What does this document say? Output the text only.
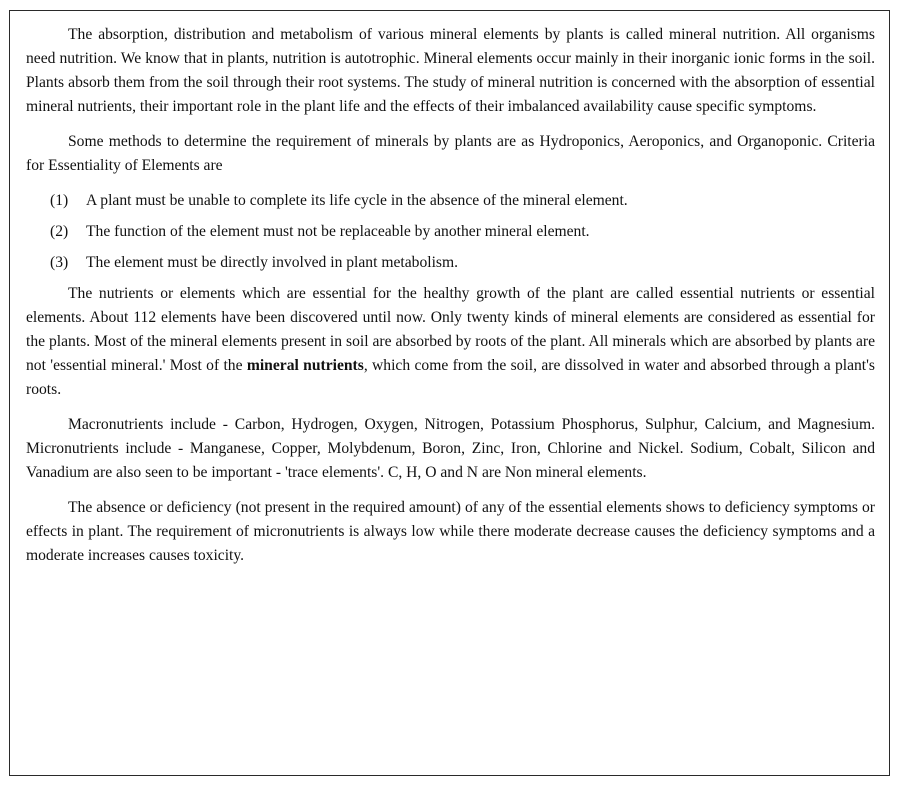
The absorption, distribution and metabolism of various mineral elements by plants is called mineral nutrition. All organisms need nutrition. We know that in plants, nutrition is autotrophic. Mineral elements occur mainly in their inorganic ionic forms in the soil. Plants absorb them from the soil through their root systems. The study of mineral nutrition is concerned with the absorption of essential mineral nutrients, their important role in the plant life and the effects of their imbalanced availability cause specific symptoms.

Some methods to determine the requirement of minerals by plants are as Hydroponics, Aeroponics, and Organoponic. Criteria for Essentiality of Elements are

(1)	A plant must be unable to complete its life cycle in the absence of the mineral element.
(2)	The function of the element must not be replaceable by another mineral element.
(3)	The element must be directly involved in plant metabolism.

The nutrients or elements which are essential for the healthy growth of the plant are called essential nutrients or essential elements. About 112 elements have been discovered until now. Only twenty kinds of mineral elements are considered as essential for the plants. Most of the mineral elements present in soil are absorbed by roots of the plant. All minerals which are absorbed by plants are not 'essential mineral.' Most of the mineral nutrients, which come from the soil, are dissolved in water and absorbed through a plant's roots.

Macronutrients include - Carbon, Hydrogen, Oxygen, Nitrogen, Potassium Phosphorus, Sulphur, Calcium, and Magnesium. Micronutrients include - Manganese, Copper, Molybdenum, Boron, Zinc, Iron, Chlorine and Nickel. Sodium, Cobalt, Silicon and Vanadium are also seen to be important - 'trace elements'. C, H, O and N are Non mineral elements.

The absence or deficiency (not present in the required amount) of any of the essential elements shows to deficiency symptoms or effects in plant. The requirement of micronutrients is always low while there moderate decrease causes the deficiency symptoms and a moderate increases causes toxicity.
